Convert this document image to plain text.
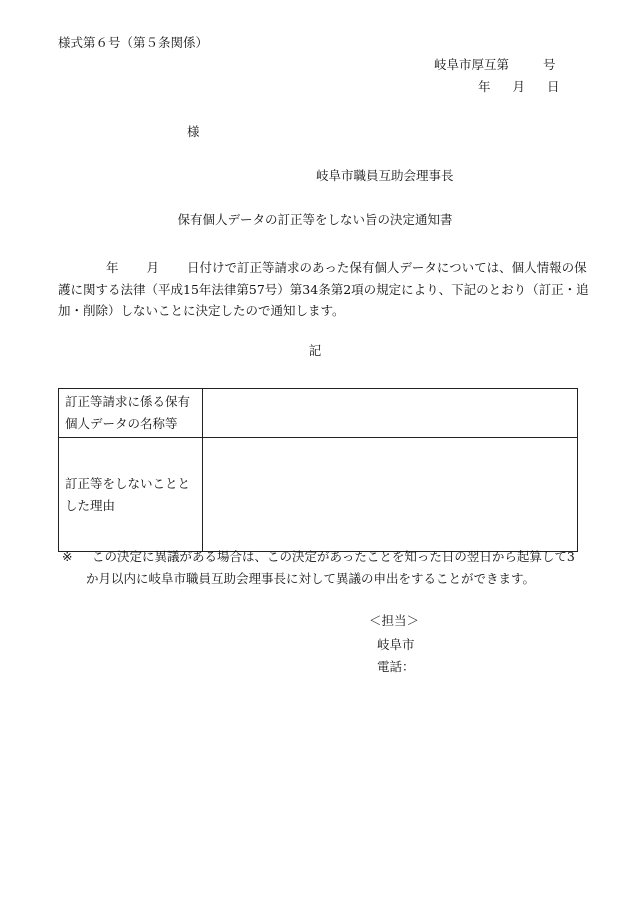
様式第６号（第５条関係）
岐阜市厚互第	号
年 月 日
様
岐阜市職員互助会理事長
保有個人データの訂正等をしない旨の決定通知書
年 月 日付けで訂正等請求のあった保有個人データについては、個人情報の保
護に関する法律（平成15年法律第57号）第34条第2項の規定により、下記のとおり（訂正・追
加・削除）しないことに決定したので通知します。
記
訂正等請求に係る保有個人データの名称等	
訂正等をしないこととした理由	
※ この決定に異議がある場合は、この決定があったことを知った日の翌日から起算して3
か月以内に岐阜市職員互助会理事長に対して異議の申出をすることができます。
＜担当＞
岐阜市
電話：
